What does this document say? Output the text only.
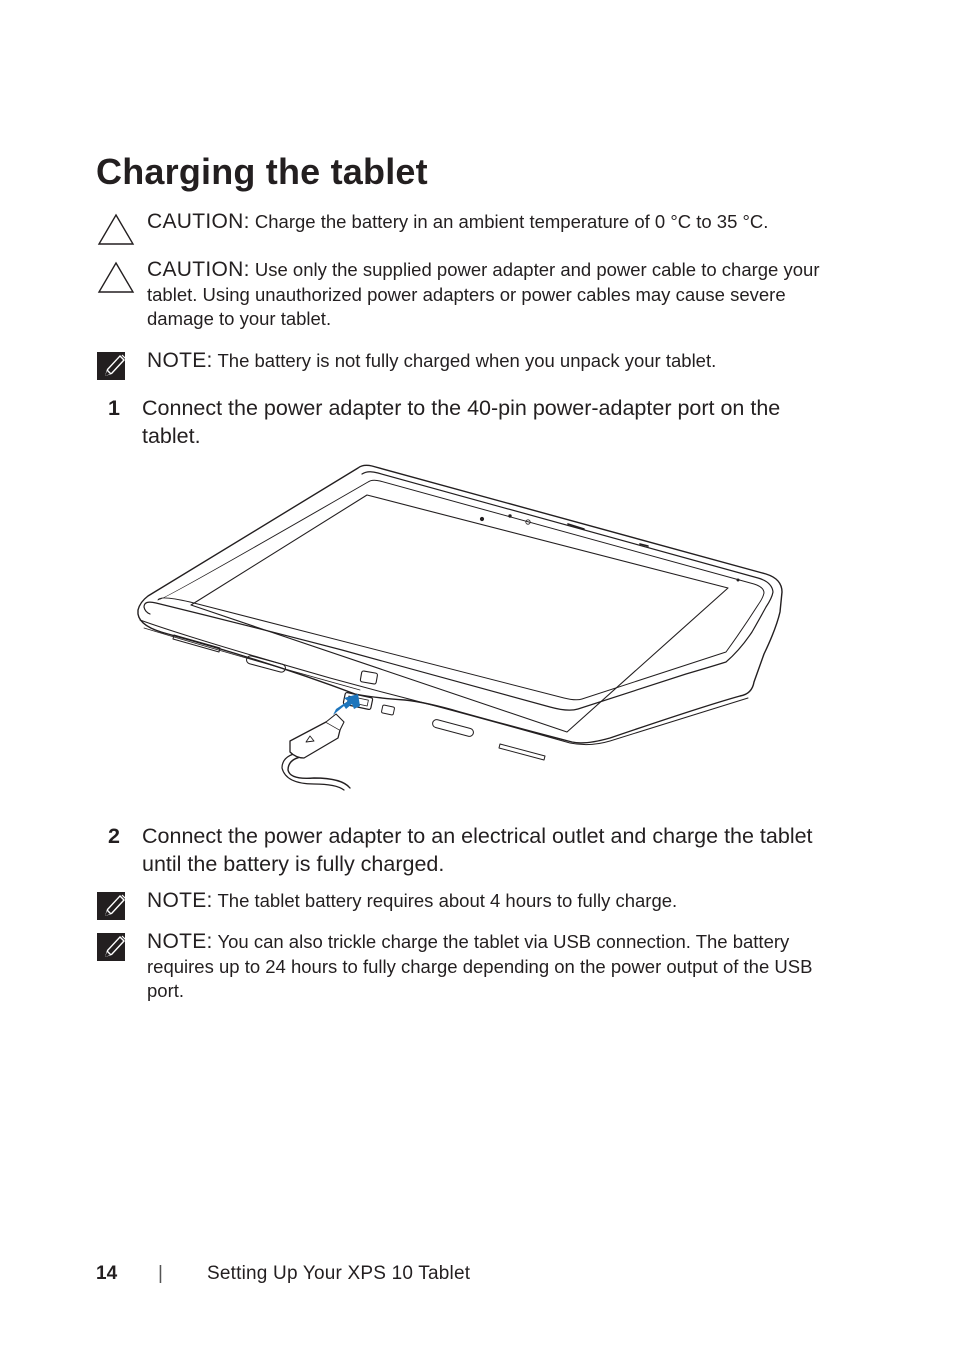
Charging the tablet
CAUTION: Charge the battery in an ambient temperature of 0 °C to 35 °C.
CAUTION: Use only the supplied power adapter and power cable to charge your tablet. Using unauthorized power adapters or power cables may cause severe damage to your tablet.
NOTE: The battery is not fully charged when you unpack your tablet.
1 Connect the power adapter to the 40-pin power-adapter port on the tablet.
2 Connect the power adapter to an electrical outlet and charge the tablet until the battery is fully charged.
NOTE: The tablet battery requires about 4 hours to fully charge.
NOTE: You can also trickle charge the tablet via USB connection. The battery requires up to 24 hours to fully charge depending on the power output of the USB port.
14 | Setting Up Your XPS 10 Tablet
